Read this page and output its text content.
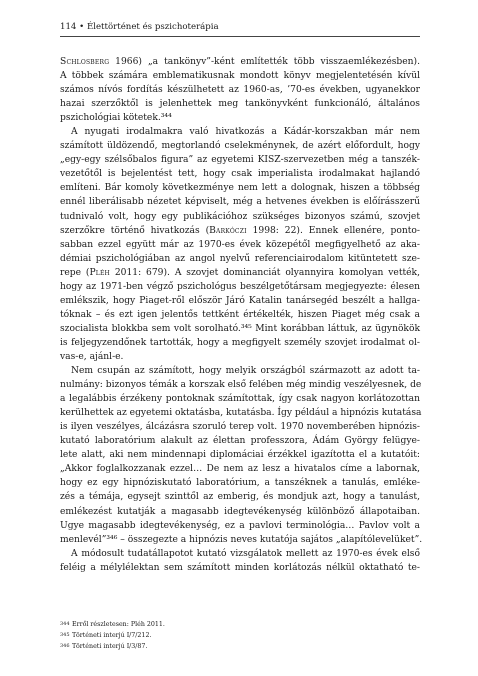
114 • Élettörténet és pszichoterápia
Schlosberg 1966) „a tankönyv”-ként említették több visszaemlékezésben).
A többek számára emblematikusnak mondott könyv megjelentetésén kívül
számos nívós fordítás készülhetett az 1960-as, ’70-es években, ugyanekkor
hazai szerzőktől is jelenhettek meg tankönyvként funkcionáló, általános
pszichológiai kötetek.³⁴⁴
A nyugati irodalmakra való hivatkozás a Kádár-korszakban már nem
számított üldözendő, megtorlandó cselekménynek, de azért előfordult, hogy
„egy-egy szélsőbalos figura” az egyetemi KISZ-szervezetben még a tanszék-
vezetőtől is bejelentést tett, hogy csak imperialista irodalmakat hajlandó
említeni. Bár komoly következménye nem lett a dolognak, hiszen a többség
ennél liberálisabb nézetet képviselt, még a hetvenes években is előírásszerű
tudnivaló volt, hogy egy publikációhoz szükséges bizonyos számú, szovjet
szerzőkre történő hivatkozás (Barkóczi 1998: 22). Ennek ellenére, ponto-
sabban ezzel együtt már az 1970-es évek közepétől megfigyelhető az aka-
démiai pszichológiában az angol nyelvű referenciairodalom kitüntetett sze-
repe (Pléh 2011: 679). A szovjet dominanciát olyannyira komolyan vették,
hogy az 1971-ben végző pszichológus beszélgetőtársam megjegyezte: élesen
emlékszik, hogy Piaget-ről először Járó Katalin tanársegéd beszélt a hallga-
tóknak – és ezt igen jelentős tettként értékelték, hiszen Piaget még csak a
szocialista blokkba sem volt sorolható.³⁴⁵ Mint korábban láttuk, az ügynökök
is feljegyzendőnek tartották, hogy a megfigyelt személy szovjet irodalmat ol-
vas-e, ajánl-e.
Nem csupán az számított, hogy melyik országból származott az adott ta-
nulmány: bizonyos témák a korszak első felében még mindig veszélyesnek, de
a legalábbis érzékeny pontoknak számítottak, így csak nagyon korlátozottan
kerülhettek az egyetemi oktatásba, kutatásba. Így például a hipnózis kutatása
is ilyen veszélyes, álcázásra szoruló terep volt. 1970 novemberében hipnózis-
kutató laboratórium alakult az élettan professzora, Ádám György felügye-
lete alatt, aki nem mindennapi diplomáciai érzékkel igazította el a kutatóit:
„Akkor foglalkozzanak ezzel… De nem az lesz a hivatalos címe a labornak,
hogy ez egy hipnóziskutató laboratórium, a tanszéknek a tanulás, emléke-
zés a témája, egysejt szinttől az emberig, és mondjuk azt, hogy a tanulást,
emlékezést kutatják a magasabb idegtevékenység különböző állapotaiban.
Ugye magasabb idegtevékenység, ez a pavlovi terminológia… Pavlov volt a
menlevél”³⁴⁶ – összegezte a hipnózis neves kutatója sajátos „alapítólevelüket”.
A módosult tudatállapotot kutató vizsgálatok mellett az 1970-es évek első
feléig a mélylélektan sem számított minden korlátozás nélkül oktatható te-
344 Erről részletesen: Pléh 2011.
345 Történeti interjú I/7/212.
346 Történeti interjú I/3/87.
